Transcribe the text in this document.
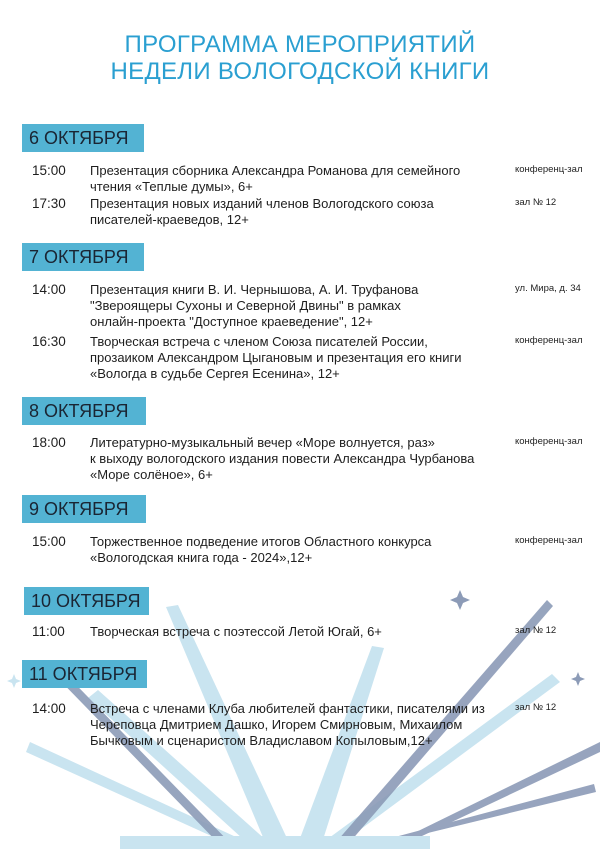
ПРОГРАММА МЕРОПРИЯТИЙ
НЕДЕЛИ ВОЛОГОДСКОЙ КНИГИ
6 ОКТЯБРЯ
15:00 Презентация сборника Александра Романова для семейного
чтения «Теплые думы», 6+
конференц-зал
17:30 Презентация новых изданий членов Вологодского союза
писателей-краеведов, 12+
зал № 12
7 ОКТЯБРЯ
14:00 Презентация книги В. И. Чернышова, А. И. Труфанова
"Звероящеры Сухоны и Северной Двины" в рамках
онлайн-проекта "Доступное краеведение", 12+
ул. Мира, д. 34
16:30 Творческая встреча с членом Союза писателей России,
прозаиком Александром Цыгановым и презентация его книги
«Вологда в судьбе Сергея Есенина», 12+
конференц-зал
8 ОКТЯБРЯ
18:00 Литературно-музыкальный вечер «Море волнуется, раз»
к выходу вологодского издания повести Александра Чурбанова
«Море солёное», 6+
конференц-зал
9 ОКТЯБРЯ
15:00 Торжественное подведение итогов Областного конкурса
«Вологодская книга года - 2024»,12+
конференц-зал
10 ОКТЯБРЯ
11:00 Творческая встреча с поэтессой Летой Югай, 6+	зал № 12
11 ОКТЯБРЯ
14:00 Встреча с членами Клуба любителей фантастики, писателями из
Череповца Дмитрием Дашко, Игорем Смирновым, Михаилом
Бычковым и сценаристом Владиславом Копыловым,12+
зал № 12
